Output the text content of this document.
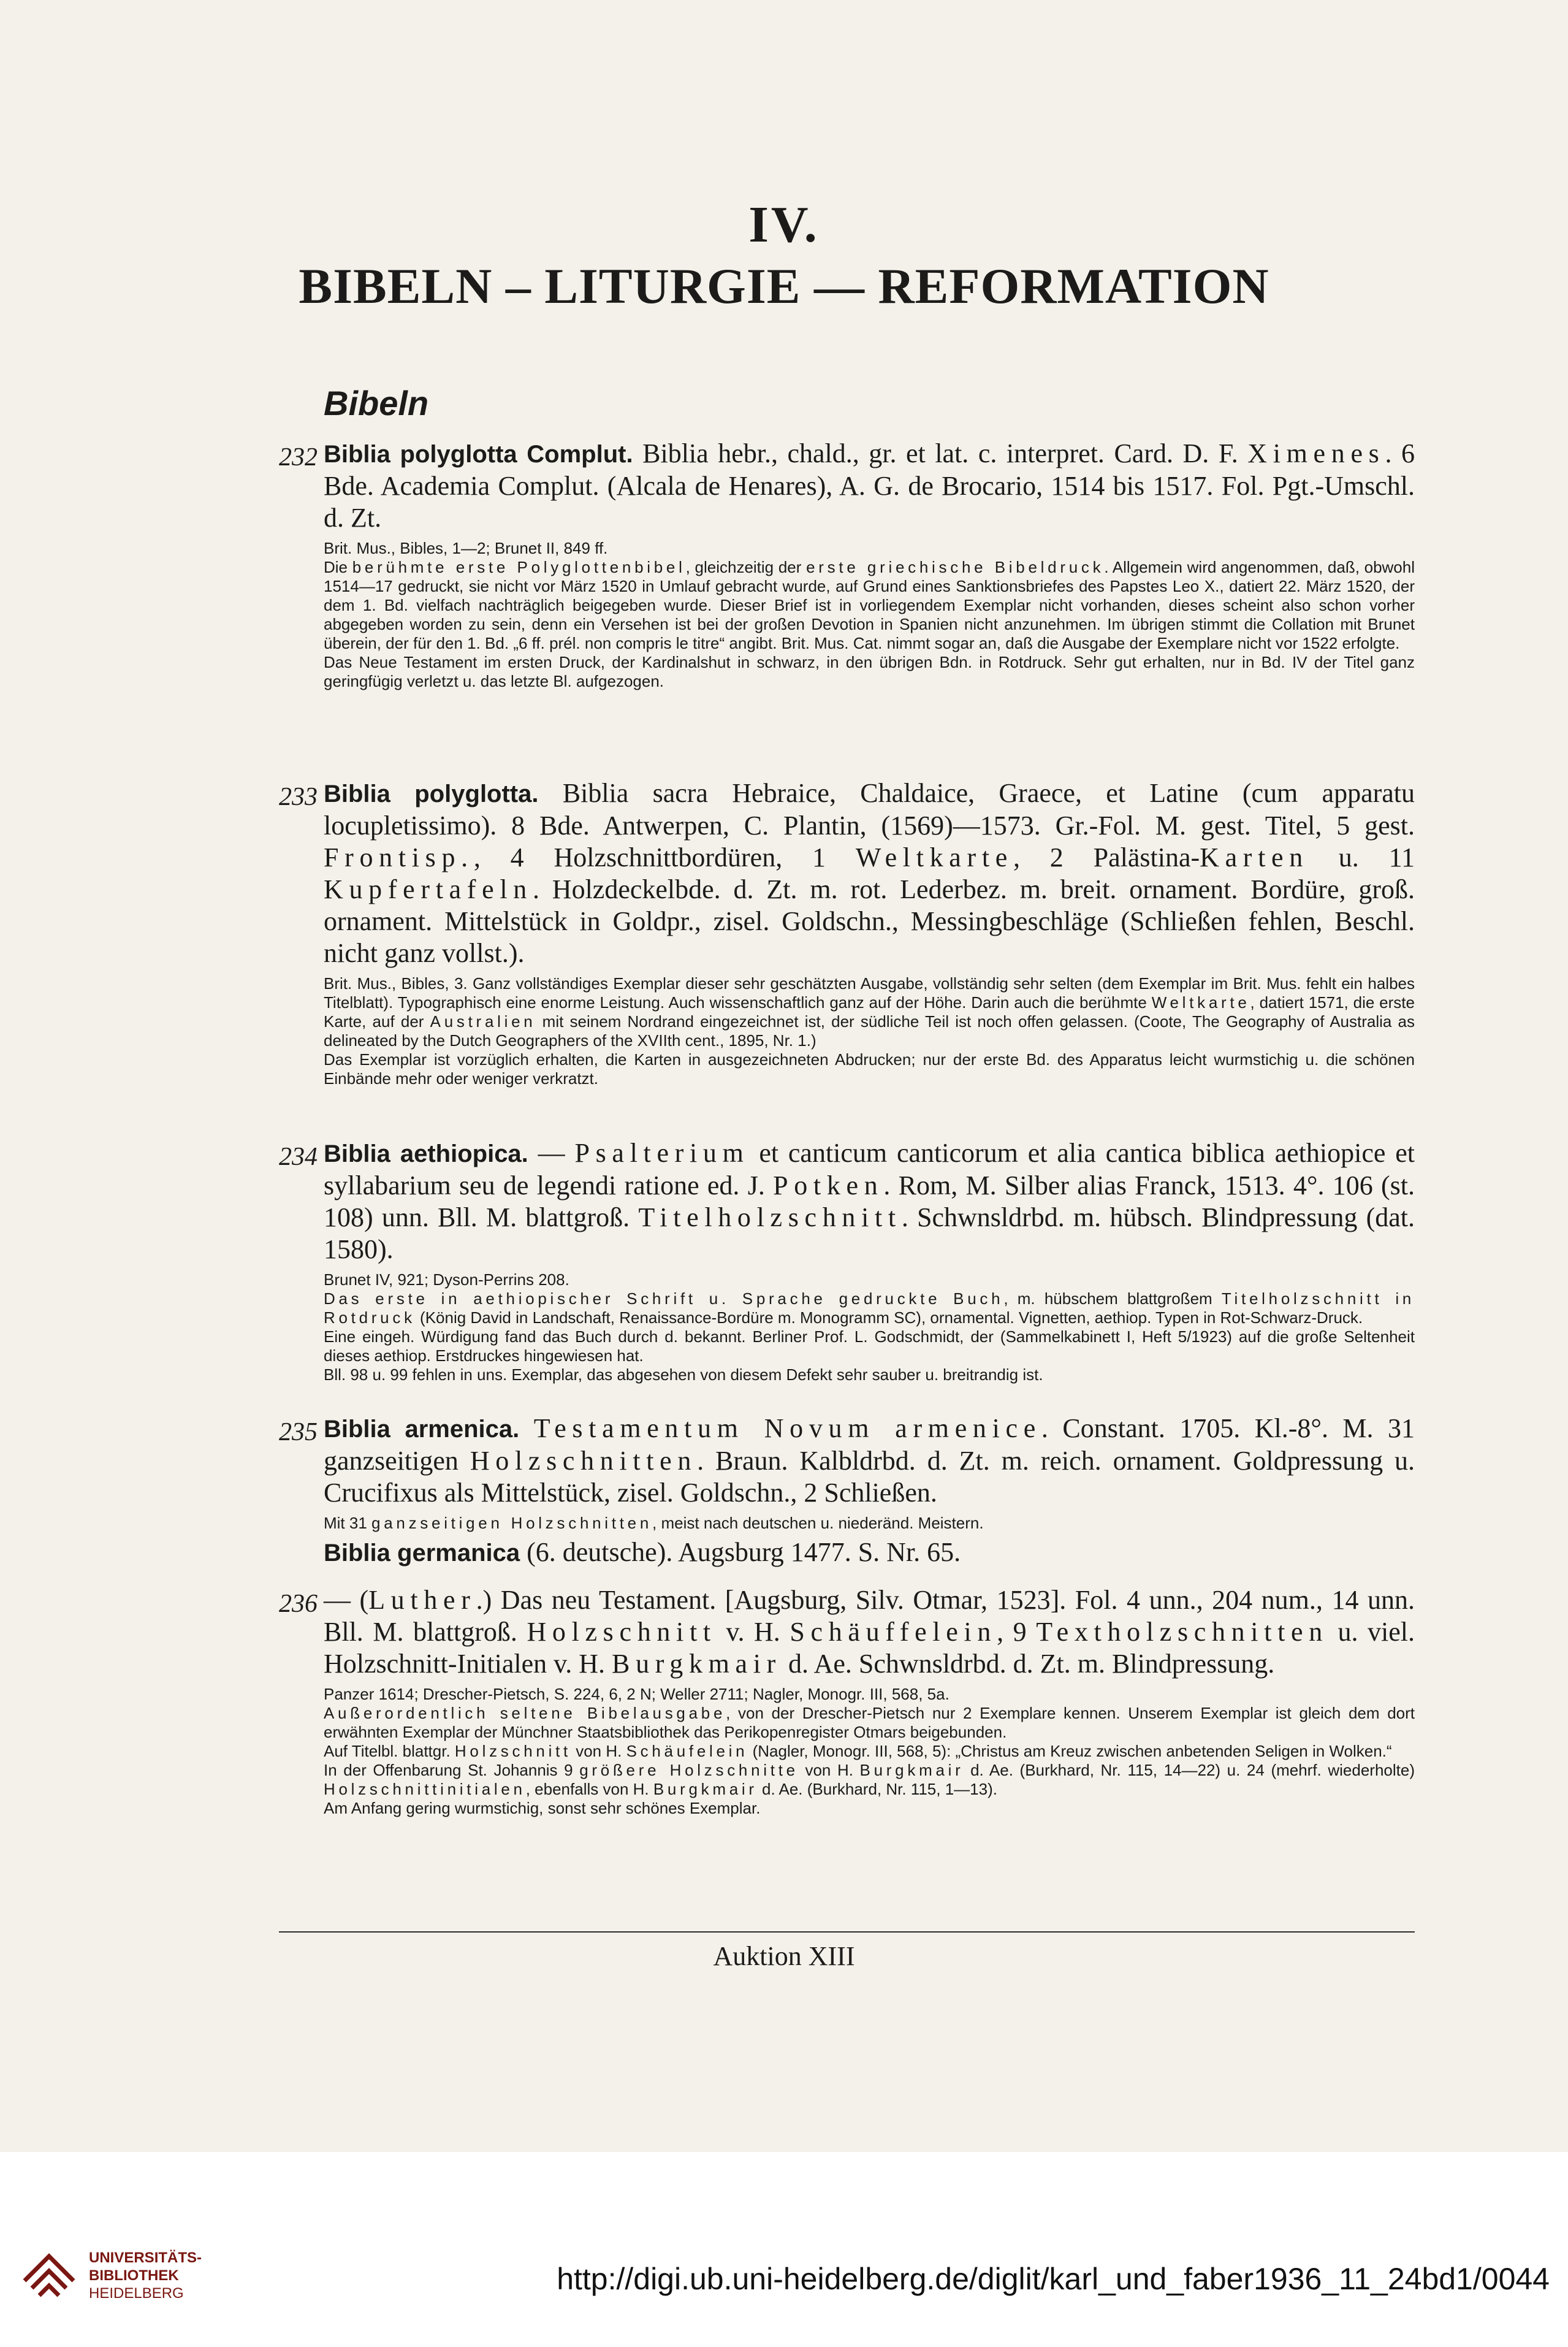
IV.
BIBELN – LITURGIE — REFORMATION
Bibeln
232 Biblia polyglotta Complut. Biblia hebr., chald., gr. et lat. c. interpret. Card. D. F. Ximenes. 6 Bde. Academia Complut. (Alcala de Henares), A. G. de Brocario, 1514 bis 1517. Fol. Pgt.-Umschl. d. Zt.

Brit. Mus., Bibles, 1—2; Brunet II, 849 ff.

Die berühmte erste Polyglottenbibel, gleichzeitig der erste griechische Bibeldruck. Allgemein wird angenommen, daß, obwohl 1514—17 gedruckt, sie nicht vor März 1520 in Umlauf gebracht wurde, auf Grund eines Sanktionsbriefes des Papstes Leo X., datiert 22. März 1520, der dem 1. Bd. vielfach nachträglich beigegeben wurde. Dieser Brief ist in vorliegendem Exemplar nicht vorhanden, dieses scheint also schon vorher abgegeben worden zu sein, denn ein Versehen ist bei der großen Devotion in Spanien nicht anzunehmen. Im übrigen stimmt die Collation mit Brunet überein, der für den 1. Bd. „6 ff. prél. non compris le titre“ angibt. Brit. Mus. Cat. nimmt sogar an, daß die Ausgabe der Exemplare nicht vor 1522 erfolgte.

Das Neue Testament im ersten Druck, der Kardinalshut in schwarz, in den übrigen Bdn. in Rotdruck. Sehr gut erhalten, nur in Bd. IV der Titel ganz geringfügig verletzt u. das letzte Bl. aufgezogen.

233 Biblia polyglotta. Biblia sacra Hebraice, Chaldaice, Graece, et Latine (cum apparatu locupletissimo). 8 Bde. Antwerpen, C. Plantin, (1569)—1573. Gr.-Fol. M. gest. Titel, 5 gest. Frontisp., 4 Holzschnittbordüren, 1 Weltkarte, 2 Palästina-Karten u. 11 Kupfertafeln. Holzdeckelbde. d. Zt. m. rot. Lederbez. m. breit. ornament. Bordüre, groß. ornament. Mittelstück in Goldpr., zisel. Goldschn., Messingbeschläge (Schließen fehlen, Beschl. nicht ganz vollst.).

Brit. Mus., Bibles, 3. Ganz vollständiges Exemplar dieser sehr geschätzten Ausgabe, vollständig sehr selten (dem Exemplar im Brit. Mus. fehlt ein halbes Titelblatt). Typographisch eine enorme Leistung. Auch wissenschaftlich ganz auf der Höhe. Darin auch die berühmte Weltkarte, datiert 1571, die erste Karte, auf der Australien mit seinem Nordrand eingezeichnet ist, der südliche Teil ist noch offen gelassen. (Coote, The Geography of Australia as delineated by the Dutch Geographers of the XVIIth cent., 1895, Nr. 1.)

Das Exemplar ist vorzüglich erhalten, die Karten in ausgezeichneten Abdrucken; nur der erste Bd. des Apparatus leicht wurmstichig u. die schönen Einbände mehr oder weniger verkratzt.

234 Biblia aethiopica. — Psalterium et canticum canticorum et alia cantica biblica aethiopice et syllabarium seu de legendi ratione ed. J. Potken. Rom, M. Silber alias Franck, 1513. 4°. 106 (st. 108) unn. Bll. M. blattgroß. Titelholzschnitt. Schwnsldrbd. m. hübsch. Blindpressung (dat. 1580).

Brunet IV, 921; Dyson-Perrins 208.

Das erste in aethiopischer Schrift u. Sprache gedruckte Buch, m. hübschem blattgroßem Titelholzschnitt in Rotdruck (König David in Landschaft, Renaissance-Bordüre m. Monogramm SC), ornamental. Vignetten, aethiop. Typen in Rot-Schwarz-Druck.

Eine eingeh. Würdigung fand das Buch durch d. bekannt. Berliner Prof. L. Godschmidt, der (Sammelkabinett I, Heft 5/1923) auf die große Seltenheit dieses aethiop. Erstdruckes hingewiesen hat.

Bll. 98 u. 99 fehlen in uns. Exemplar, das abgesehen von diesem Defekt sehr sauber u. breitrandig ist.

235 Biblia armenica. Testamentum Novum armenice. Constant. 1705. Kl.-8°. M. 31 ganzseitigen Holzschnitten. Braun. Kalbldrbd. d. Zt. m. reich. ornament. Goldpressung u. Crucifixus als Mittelstück, zisel. Goldschn., 2 Schließen.

Mit 31 ganzseitigen Holzschnitten, meist nach deutschen u. niederänd. Meistern.

Biblia germanica (6. deutsche). Augsburg 1477. S. Nr. 65.

236 — (Luther.) Das neu Testament. [Augsburg, Silv. Otmar, 1523]. Fol. 4 unn., 204 num., 14 unn. Bll. M. blattgroß. Holzschnitt v. H. Schäuffelein, 9 Textholzschnitten u. viel. Holzschnitt-Initialen v. H. Burgkmair d. Ae. Schwnsldrbd. d. Zt. m. Blindpressung.

Panzer 1614; Drescher-Pietsch, S. 224, 6, 2 N; Weller 2711; Nagler, Monogr. III, 568, 5a.

Außerordentlich seltene Bibelausgabe, von der Drescher-Pietsch nur 2 Exemplare kennen. Unserem Exemplar ist gleich dem dort erwähnten Exemplar der Münchner Staatsbibliothek das Perikopenregister Otmars beigebunden.

Auf Titelbl. blattgr. Holzschnitt von H. Schäufelein (Nagler, Monogr. III, 568, 5): „Christus am Kreuz zwischen anbetenden Seligen in Wolken.“

In der Offenbarung St. Johannis 9 größere Holzschnitte von H. Burgkmair d. Ae. (Burkhard, Nr. 115, 14—22) u. 24 (mehrf. wiederholte) Holzschnittinitialen, ebenfalls von H. Burgkmair d. Ae. (Burkhard, Nr. 115, 1—13).

Am Anfang gering wurmstichig, sonst sehr schönes Exemplar.

Auktion XIII
UNIVERSITÄTS-
BIBLIOTHEK
HEIDELBERG	http://digi.ub.uni-heidelberg.de/diglit/karl_und_faber1936_11_24bd1/0044
